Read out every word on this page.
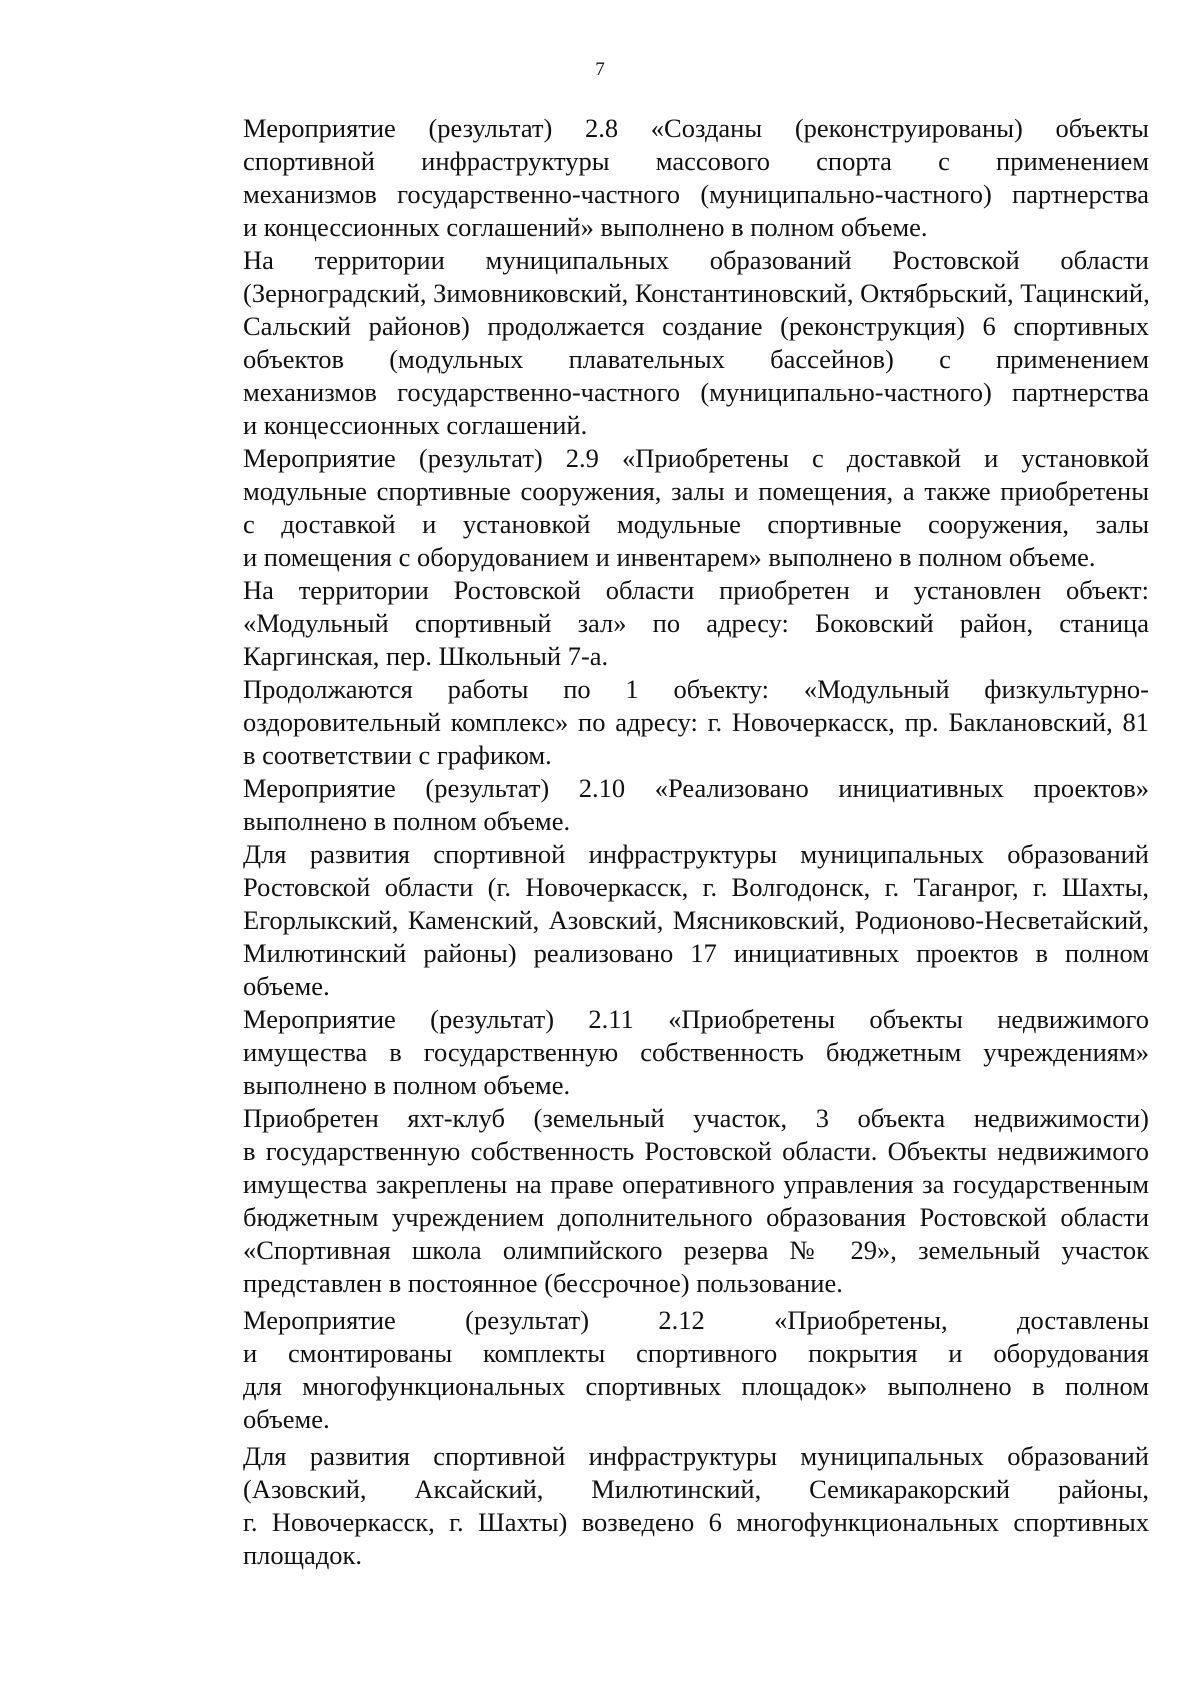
7
Мероприятие (результат) 2.8 «Созданы (реконструированы) объекты
спортивной инфраструктуры массового спорта с применением
механизмов государственно-частного (муниципально-частного) партнерства
и концессионных соглашений» выполнено в полном объеме.
На территории муниципальных образований Ростовской области
(Зерноградский, Зимовниковский, Константиновский, Октябрьский, Тацинский,
Сальский районов) продолжается создание (реконструкция) 6 спортивных
объектов (модульных плавательных бассейнов) с применением
механизмов государственно-частного (муниципально-частного) партнерства
и концессионных соглашений.
Мероприятие (результат) 2.9 «Приобретены с доставкой и установкой
модульные спортивные сооружения, залы и помещения, а также приобретены
с доставкой и установкой модульные спортивные сооружения, залы
и помещения с оборудованием и инвентарем» выполнено в полном объеме.
На территории Ростовской области приобретен и установлен объект:
«Модульный спортивный зал» по адресу: Боковский район, станица
Каргинская, пер. Школьный 7-а.
Продолжаются работы по 1 объекту: «Модульный физкультурно-
оздоровительный комплекс» по адресу: г. Новочеркасск, пр. Баклановский, 81
в соответствии с графиком.
Мероприятие (результат) 2.10 «Реализовано инициативных проектов»
выполнено в полном объеме.
Для развития спортивной инфраструктуры муниципальных образований
Ростовской области (г. Новочеркасск, г. Волгодонск, г. Таганрог, г. Шахты,
Егорлыкский, Каменский, Азовский, Мясниковский, Родионово-Несветайский,
Милютинский районы) реализовано 17 инициативных проектов в полном
объеме.
Мероприятие (результат) 2.11 «Приобретены объекты недвижимого
имущества в государственную собственность бюджетным учреждениям»
выполнено в полном объеме.
Приобретен яхт-клуб (земельный участок, 3 объекта недвижимости)
в государственную собственность Ростовской области. Объекты недвижимого
имущества закреплены на праве оперативного управления за государственным
бюджетным учреждением дополнительного образования Ростовской области
«Спортивная школа олимпийского резерва № 29», земельный участок
представлен в постоянное (бессрочное) пользование.
Мероприятие (результат) 2.12 «Приобретены, доставлены
и смонтированы комплекты спортивного покрытия и оборудования
для многофункциональных спортивных площадок» выполнено в полном
объеме.
Для развития спортивной инфраструктуры муниципальных образований
(Азовский, Аксайский, Милютинский, Семикаракорский районы,
г. Новочеркасск, г. Шахты) возведено 6 многофункциональных спортивных
площадок.
